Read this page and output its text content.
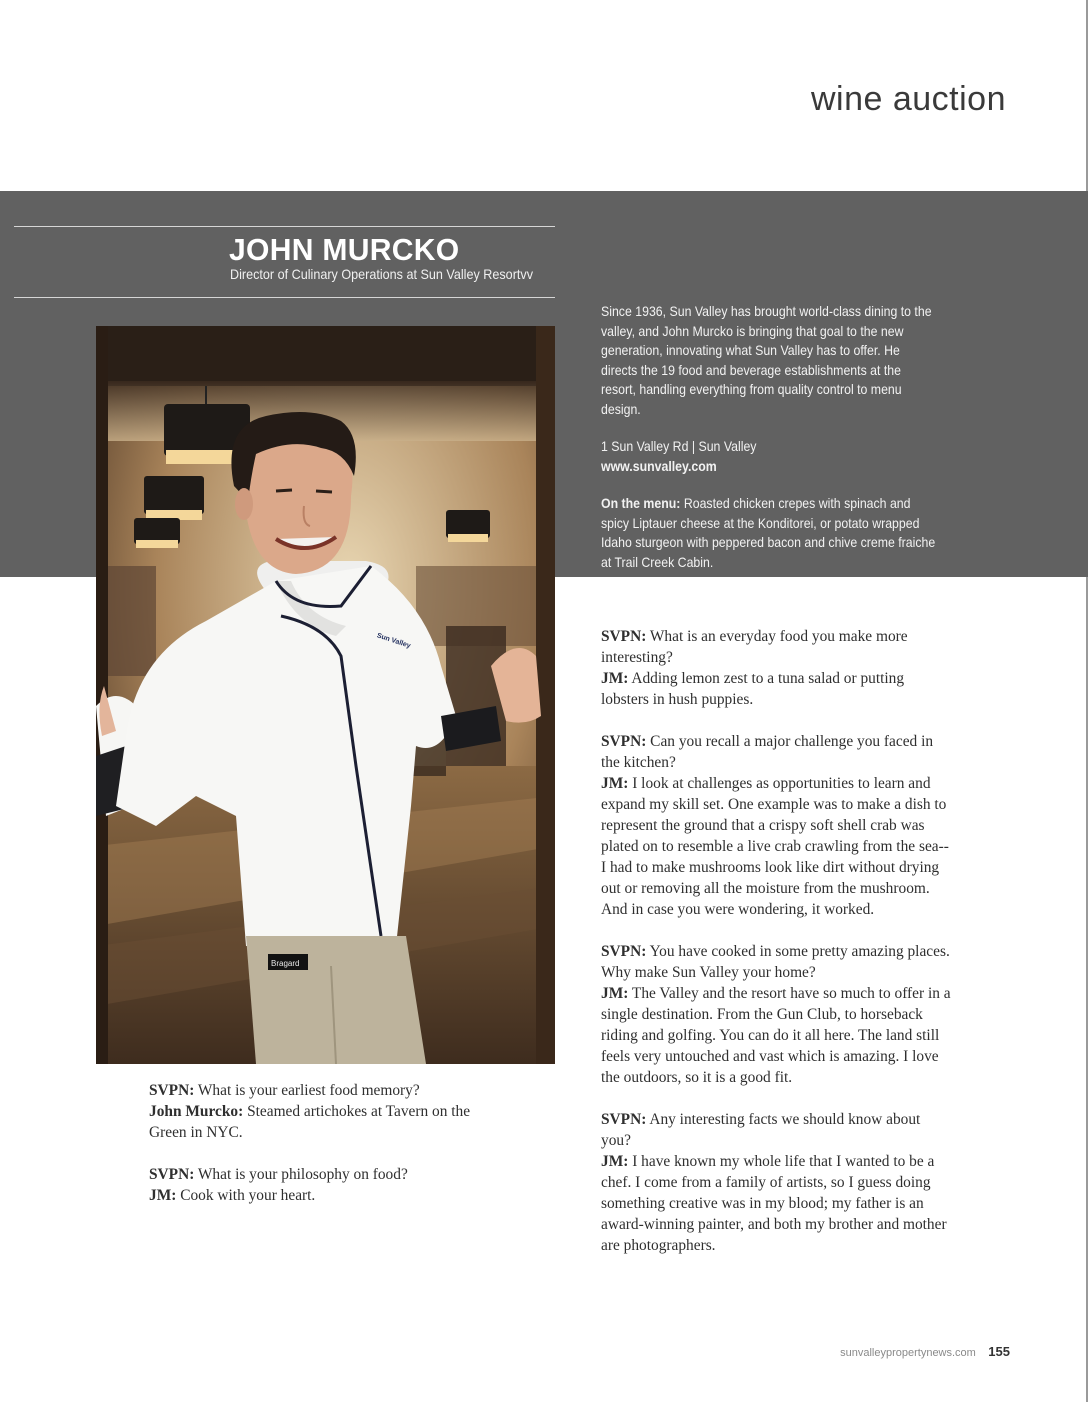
wine auction
JOHN MURCKO
Director of Culinary Operations at Sun Valley Resortvv

Since 1936, Sun Valley has brought world-class dining to the valley, and John Murcko is bringing that goal to the new generation, innovating what Sun Valley has to offer. He directs the 19 food and beverage establishments at the resort, handling everything from quality control to menu design.

1 Sun Valley Rd | Sun Valley
www.sunvalley.com

On the menu: Roasted chicken crepes with spinach and spicy Liptauer cheese at the Konditorei, or potato wrapped Idaho sturgeon with peppered bacon and chive creme fraiche at Trail Creek Cabin.

Sun Valley
Bragard

SVPN: What is your earliest food memory?
John Murcko: Steamed artichokes at Tavern on the Green in NYC.

SVPN: What is your philosophy on food?
JM: Cook with your heart.

SVPN: What is an everyday food you make more interesting?
JM: Adding lemon zest to a tuna salad or putting lobsters in hush puppies.

SVPN: Can you recall a major challenge you faced in the kitchen?
JM: I look at challenges as opportunities to learn and expand my skill set. One example was to make a dish to represent the ground that a crispy soft shell crab was plated on to resemble a live crab crawling from the sea--I had to make mushrooms look like dirt without drying out or removing all the moisture from the mushroom. And in case you were wondering, it worked.

SVPN: You have cooked in some pretty amazing places. Why make Sun Valley your home?
JM: The Valley and the resort have so much to offer in a single destination. From the Gun Club, to horseback riding and golfing. You can do it all here. The land still feels very untouched and vast which is amazing. I love the outdoors, so it is a good fit.

SVPN: Any interesting facts we should know about you?
JM: I have known my whole life that I wanted to be a chef. I come from a family of artists, so I guess doing something creative was in my blood; my father is an award-winning painter, and both my brother and mother are photographers.

sunvalleypropertynews.com 155
